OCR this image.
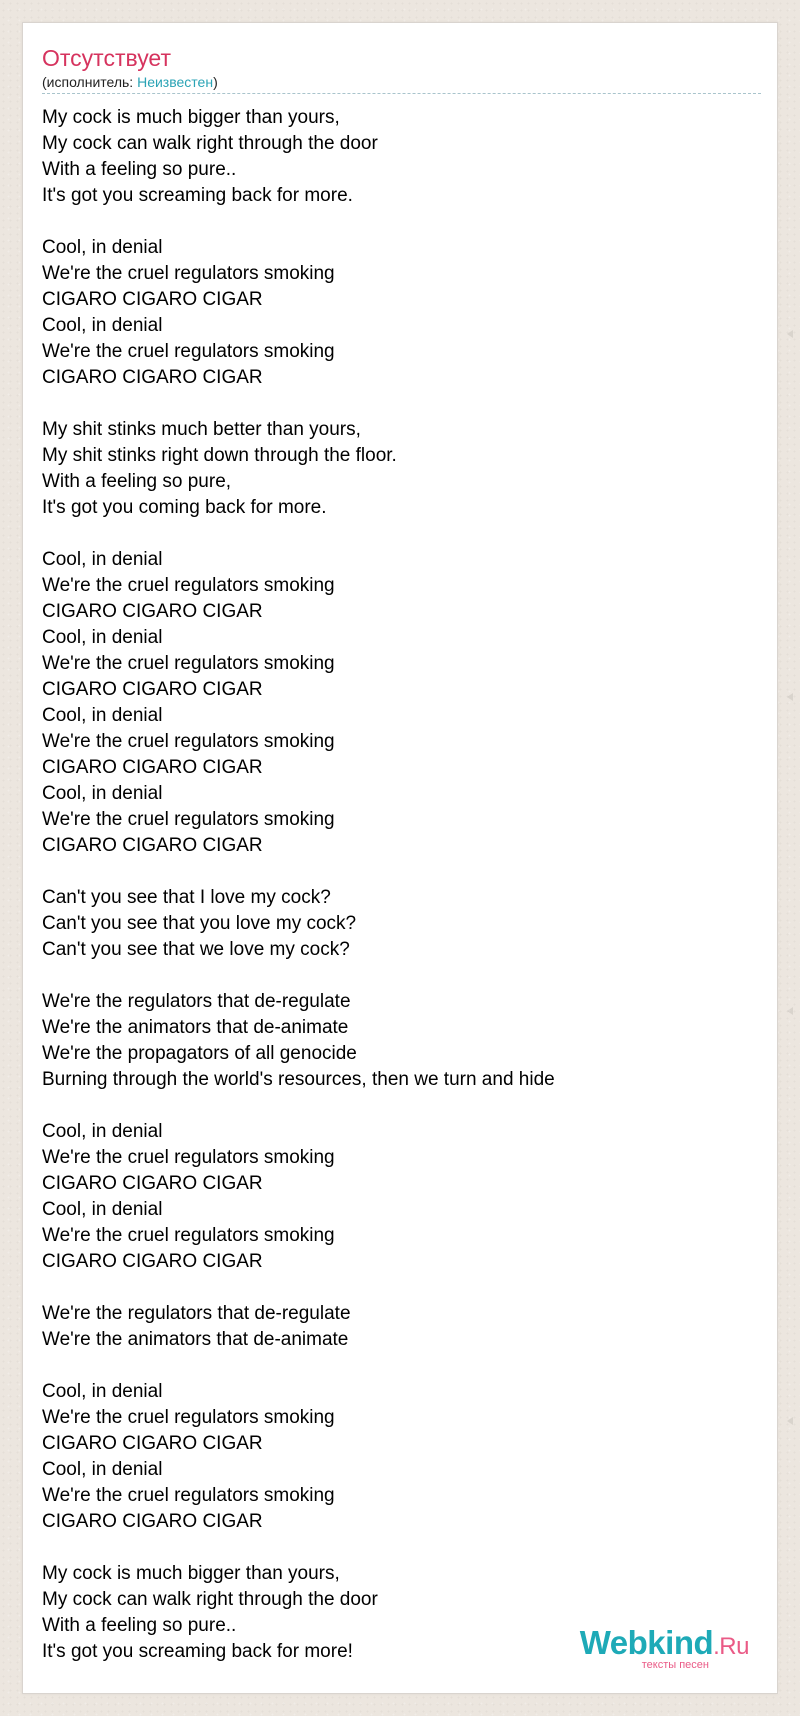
Отсутствует
(исполнитель: Неизвестен)
My cock is much bigger than yours,
My cock can walk right through the door
With a feeling so pure..
It's got you screaming back for more.
Cool, in denial
We're the cruel regulators smoking
CIGARO CIGARO CIGAR
Cool, in denial
We're the cruel regulators smoking
CIGARO CIGARO CIGAR
My shit stinks much better than yours,
My shit stinks right down through the floor.
With a feeling so pure,
It's got you coming back for more.
Cool, in denial
We're the cruel regulators smoking
CIGARO CIGARO CIGAR
Cool, in denial
We're the cruel regulators smoking
CIGARO CIGARO CIGAR
Cool, in denial
We're the cruel regulators smoking
CIGARO CIGARO CIGAR
Cool, in denial
We're the cruel regulators smoking
CIGARO CIGARO CIGAR
Can't you see that I love my cock?
Can't you see that you love my cock?
Can't you see that we love my cock?
We're the regulators that de-regulate
We're the animators that de-animate
We're the propagators of all genocide
Burning through the world's resources, then we turn and hide
Cool, in denial
We're the cruel regulators smoking
CIGARO CIGARO CIGAR
Cool, in denial
We're the cruel regulators smoking
CIGARO CIGARO CIGAR
We're the regulators that de-regulate
We're the animators that de-animate
Cool, in denial
We're the cruel regulators smoking
CIGARO CIGARO CIGAR
Cool, in denial
We're the cruel regulators smoking
CIGARO CIGARO CIGAR
My cock is much bigger than yours,
My cock can walk right through the door
With a feeling so pure..
It's got you screaming back for more!	Webkind.Ru
тексты песен
